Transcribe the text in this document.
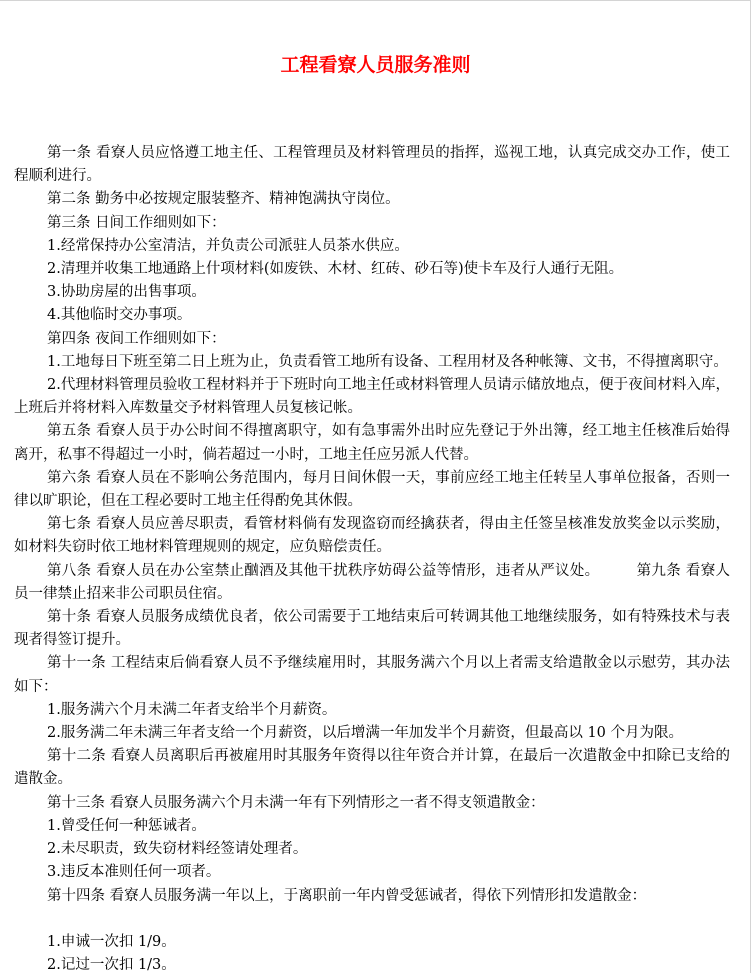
工程看寮人员服务准则

第一条 看寮人员应恪遵工地主任、工程管理员及材料管理员的指挥，巡视工地，认真完成交办工作，使工程顺利进行。

第二条 勤务中必按规定服装整齐、精神饱满执守岗位。

第三条 日间工作细则如下：

1.经常保持办公室清洁，并负责公司派驻人员茶水供应。

2.清理并收集工地通路上什项材料(如废铁、木材、红砖、砂石等)使卡车及行人通行无阻。

3.协助房屋的出售事项。

4.其他临时交办事项。

第四条 夜间工作细则如下：

1.工地每日下班至第二日上班为止，负责看管工地所有设备、工程用材及各种帐簿、文书，不得擅离职守。

2.代理材料管理员验收工程材料并于下班时向工地主任或材料管理人员请示储放地点，便于夜间材料入库，上班后并将材料入库数量交予材料管理人员复核记帐。

第五条 看寮人员于办公时间不得擅离职守，如有急事需外出时应先登记于外出簿，经工地主任核准后始得离开，私事不得超过一小时，倘若超过一小时，工地主任应另派人代替。

第六条 看寮人员在不影响公务范围内，每月日间休假一天，事前应经工地主任转呈人事单位报备，否则一律以旷职论，但在工程必要时工地主任得酌免其休假。

第七条 看寮人员应善尽职责，看管材料倘有发现盗窃而经擒获者，得由主任签呈核准发放奖金以示奖励，如材料失窃时依工地材料管理规则的规定，应负赔偿责任。

第八条 看寮人员在办公室禁止酗酒及其他干扰秩序妨碍公益等情形，违者从严议处。　　　第九条 看寮人员一律禁止招来非公司职员住宿。

第十条 看寮人员服务成绩优良者，依公司需要于工地结束后可转调其他工地继续服务，如有特殊技术与表现者得签订提升。

第十一条 工程结束后倘看寮人员不予继续雇用时，其服务满六个月以上者需支给遣散金以示慰劳，其办法如下：

1.服务满六个月未满二年者支给半个月薪资。

2.服务满二年未满三年者支给一个月薪资，以后增满一年加发半个月薪资，但最高以 10 个月为限。

第十二条 看寮人员离职后再被雇用时其服务年资得以往年资合并计算，在最后一次遣散金中扣除已支给的遣散金。

第十三条 看寮人员服务满六个月未满一年有下列情形之一者不得支领遣散金：

1.曾受任何一种惩诫者。

2.未尽职责，致失窃材料经签请处理者。

3.违反本准则任何一项者。

第十四条 看寮人员服务满一年以上，于离职前一年内曾受惩诫者，得依下列情形扣发遣散金：

1.申诫一次扣 1/9。

2.记过一次扣 1/3。
